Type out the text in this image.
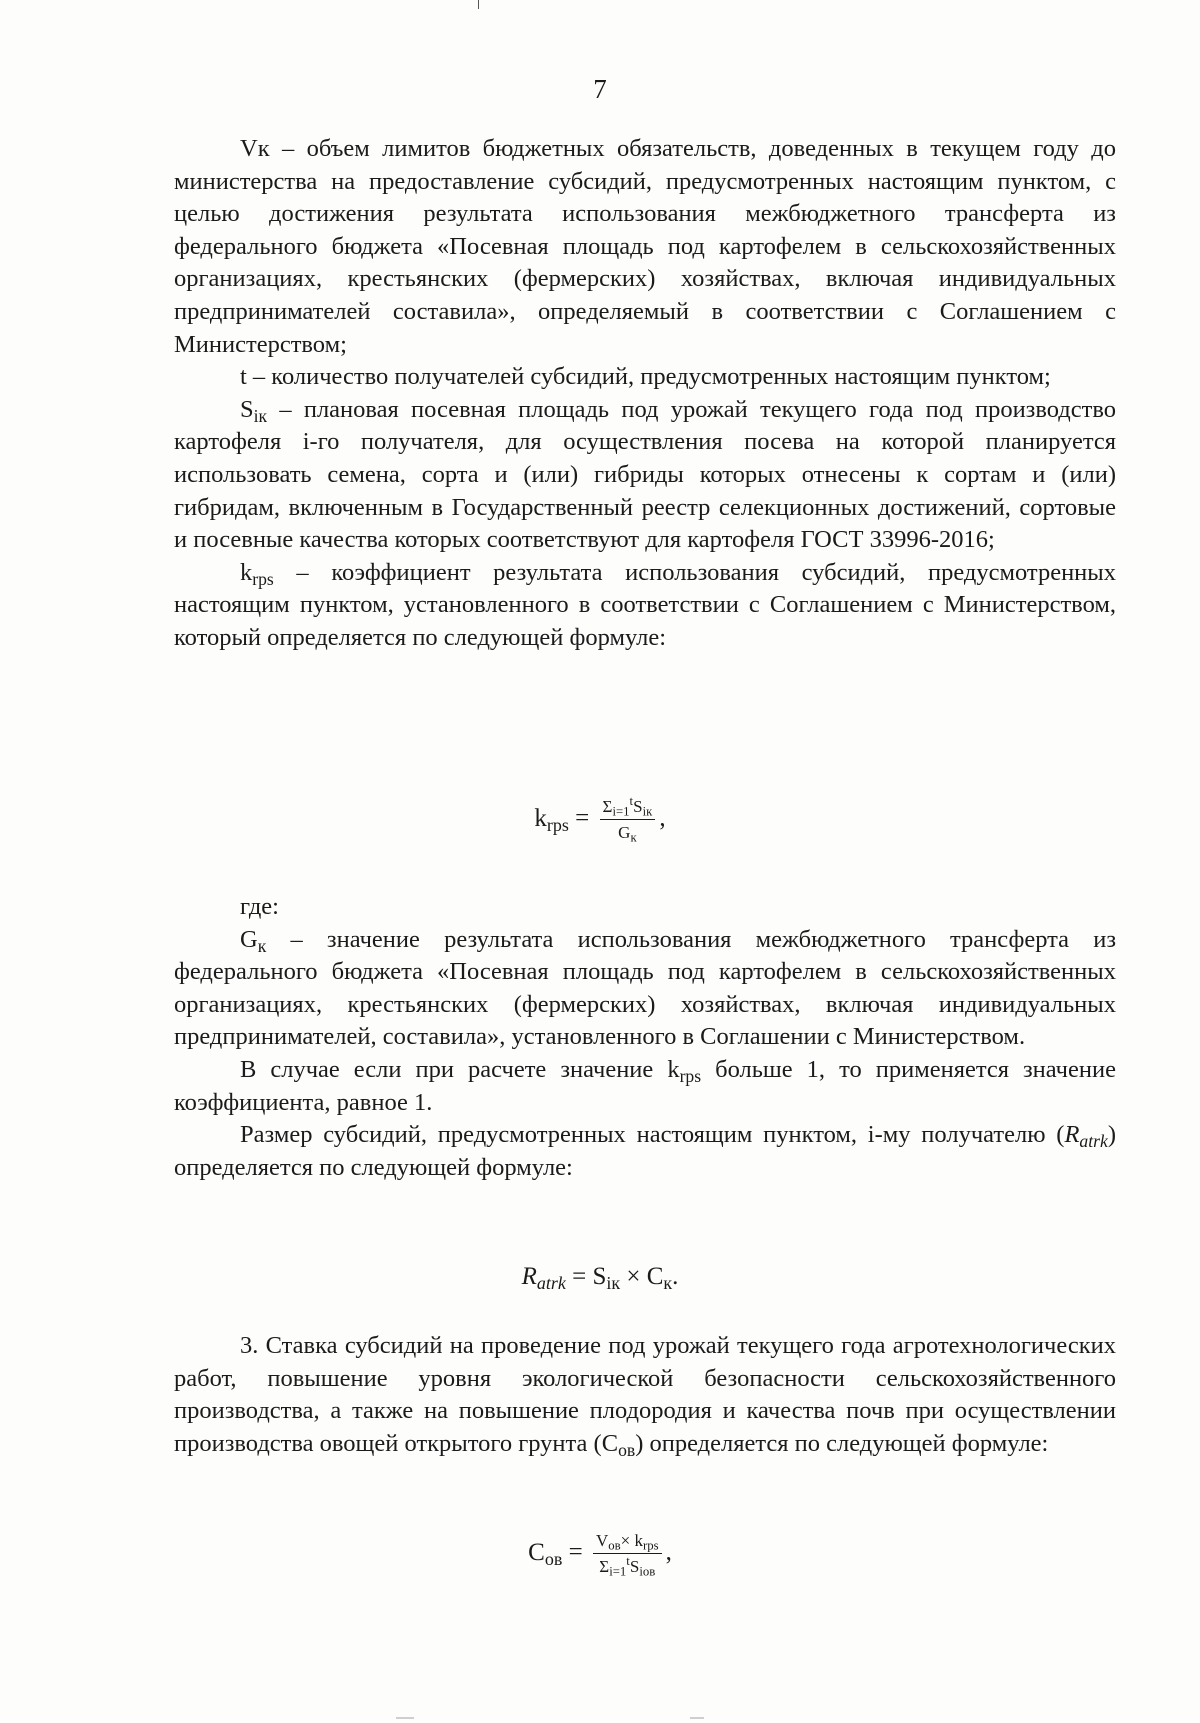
7

Vк – объем лимитов бюджетных обязательств, доведенных в текущем году до министерства на предоставление субсидий, предусмотренных настоящим пунктом, с целью достижения результата использования межбюджетного трансферта из федерального бюджета «Посевная площадь под картофелем в сельскохозяйственных организациях, крестьянских (фермерских) хозяйствах, включая индивидуальных предпринимателей составила», определяемый в соответствии с Соглашением с Министерством;

t – количество получателей субсидий, предусмотренных настоящим пунктом;

$S_{iк}$ – плановая посевная площадь под урожай текущего года под производство картофеля i-го получателя, для осуществления посева на которой планируется использовать семена, сорта и (или) гибриды которых отнесены к сортам и (или) гибридам, включенным в Государственный реестр селекционных достижений, сортовые и посевные качества которых соответствуют для картофеля ГОСТ 33996-2016;

$k_{rps}$ – коэффициент результата использования субсидий, предусмотренных настоящим пунктом, установленного в соответствии с Соглашением с Министерством, который определяется по следующей формуле:

$k_{rps} = \frac{\Sigma_{i=1}^tS_{iк}}{G_к}$ ,

где:

$G_к$ – значение результата использования межбюджетного трансферта из федерального бюджета «Посевная площадь под картофелем в сельскохозяйственных организациях, крестьянских (фермерских) хозяйствах, включая индивидуальных предпринимателей, составила», установленного в Соглашении с Министерством.

В случае если при расчете значение $k_{rps}$ больше 1, то применяется значение коэффициента, равное 1.

Размер субсидий, предусмотренных настоящим пунктом, i-му получателю $(R_{atrk})$ определяется по следующей формуле:

$R_{atrk} = S_{iк} \times C_к$.

3. Ставка субсидий на проведение под урожай текущего года агротехнологических работ, повышение уровня экологической безопасности сельскохозяйственного производства, а также на повышение плодородия и качества почв при осуществлении производства овощей открытого грунта $(C_{ов})$ определяется по следующей формуле:

$C_{ов} = \frac{V_{ов}\times k_{rps}}{\Sigma_{i=1}^tS_{iов}}$ ,
